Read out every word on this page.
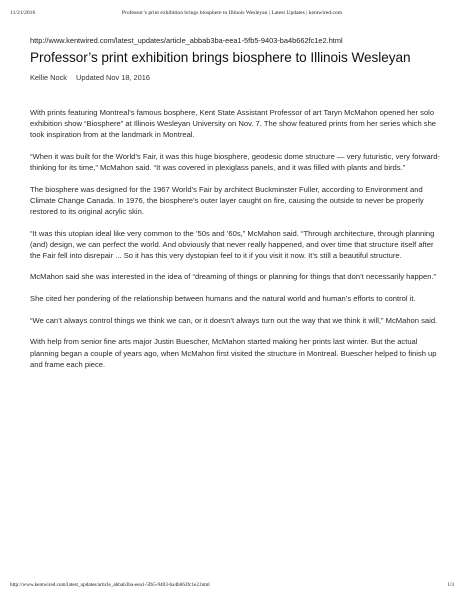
11/21/2016	Professor’s print exhibition brings biosphere to Illinois Wesleyan | Latest Updates | kentwired.com
http://www.kentwired.com/latest_updates/article_abbab3ba-eea1-5fb5-9403-ba4b662fc1e2.html
Professor’s print exhibition brings biosphere to Illinois Wesleyan
Kellie Nock Updated Nov 18, 2016

With prints featuring Montreal’s famous bosphere, Kent State Assistant Professor of art Taryn McMahon opened her solo exhibition show “Biosphere” at Illinois Wesleyan University on Nov. 7. The show featured prints from her series which she took inspiration from at the landmark in Montreal.

“When it was built for the World’s Fair, it was this huge biosphere, geodesic dome structure — very futuristic, very forward-thinking for its time,” McMahon said. “It was covered in plexiglass panels, and it was filled with plants and birds.”

The biosphere was designed for the 1967 World’s Fair by architect Buckminster Fuller, according to Environment and Climate Change Canada. In 1976, the biosphere’s outer layer caught on fire, causing the outside to never be properly restored to its original acrylic skin.

“It was this utopian ideal like very common to the ’50s and ’60s,” McMahon said. “Through architecture, through planning (and) design, we can perfect the world. And obviously that never really happened, and over time that structure itself after the Fair fell into disrepair ... So it has this very dystopian feel to it if you visit it now. It’s still a beautiful structure.

McMahon said she was interested in the idea of “dreaming of things or planning for things that don’t necessarily happen.”

She cited her pondering of the relationship between humans and the natural world and human’s efforts to control it.

“We can’t always control things we think we can, or it doesn’t always turn out the way that we think it will,” McMahon said.

With help from senior fine arts major Justin Buescher, McMahon started making her prints last winter. But the actual planning began a couple of years ago, when McMahon first visited the structure in Montreal. Buescher helped to finish up and frame each piece.

http://www.kentwired.com/latest_updates/article_abbab3ba-eea1-5fb5-9403-ba4b662fc1e2.html	1/3
